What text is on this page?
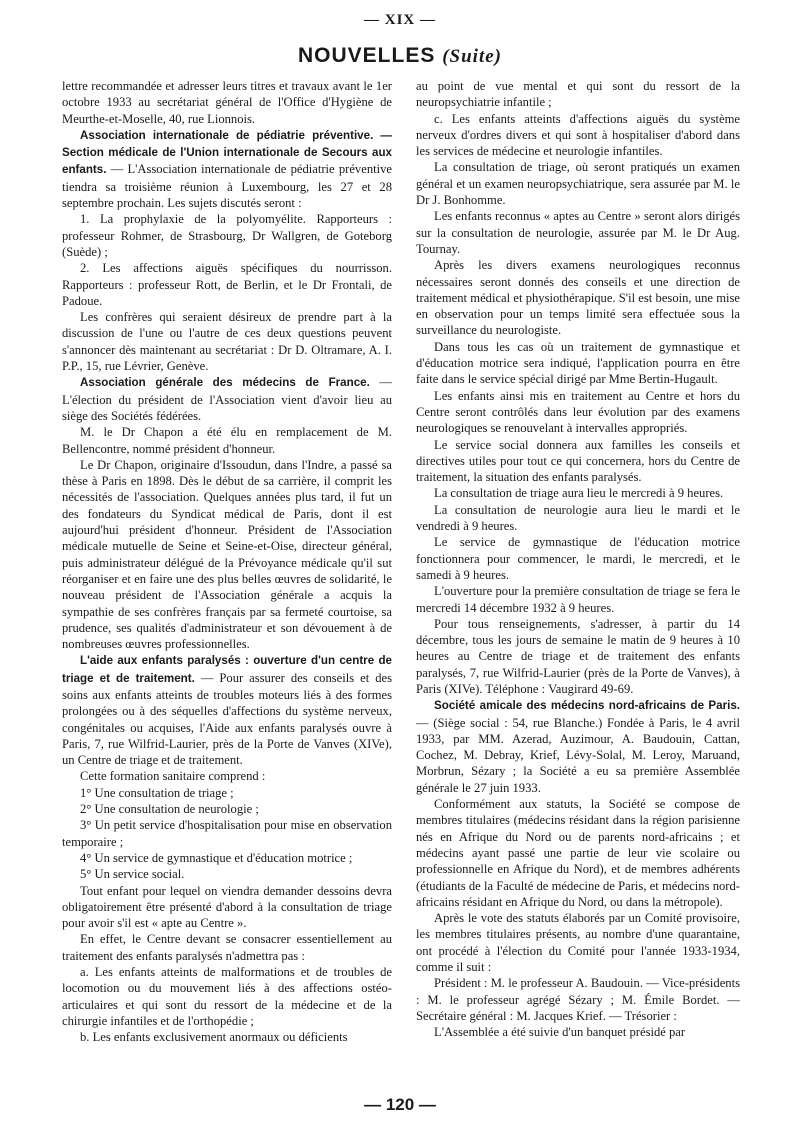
— XIX —
NOUVELLES (Suite)

lettre recommandée et adresser leurs titres et travaux avant le 1er octobre 1933 au secrétariat général de l'Office d'Hygiène de Meurthe-et-Moselle, 40, rue Lionnois.

Association internationale de pédiatrie préventive. — Section médicale de l'Union internationale de Secours aux enfants. — L'Association internationale de pédiatrie préventive tiendra sa troisième réunion à Luxembourg, les 27 et 28 septembre prochain. Les sujets discutés seront :

1. La prophylaxie de la polyomyélite. Rapporteurs : professeur Rohmer, de Strasbourg, Dr Wallgren, de Goteborg (Suède) ;

2. Les affections aiguës spécifiques du nourrisson. Rapporteurs : professeur Rott, de Berlin, et le Dr Frontali, de Padoue.

Les confrères qui seraient désireux de prendre part à la discussion de l'une ou l'autre de ces deux questions peuvent s'annoncer dès maintenant au secrétariat : Dr D. Oltramare, A. I. P.P., 15, rue Lévrier, Genève.

Association générale des médecins de France. — L'élection du président de l'Association vient d'avoir lieu au siège des Sociétés fédérées.

M. le Dr Chapon a été élu en remplacement de M. Bellencontre, nommé président d'honneur.

Le Dr Chapon, originaire d'Issoudun, dans l'Indre, a passé sa thèse à Paris en 1898. Dès le début de sa carrière, il comprit les nécessités de l'association. Quelques années plus tard, il fut un des fondateurs du Syndicat médical de Paris, dont il est aujourd'hui président d'honneur. Président de l'Association médicale mutuelle de Seine et Seine-et-Oise, directeur général, puis administrateur délégué de la Prévoyance médicale qu'il sut réorganiser et en faire une des plus belles œuvres de solidarité, le nouveau président de l'Association générale a acquis la sympathie de ses confrères français par sa fermeté courtoise, sa prudence, ses qualités d'administrateur et son dévouement à de nombreuses œuvres professionnelles.

L'aide aux enfants paralysés : ouverture d'un centre de triage et de traitement. — Pour assurer des conseils et des soins aux enfants atteints de troubles moteurs liés à des formes prolongées ou à des séquelles d'affections du système nerveux, congénitales ou acquises, l'Aide aux enfants paralysés ouvre à Paris, 7, rue Wilfrid-Laurier, près de la Porte de Vanves (XIVe), un Centre de triage et de traitement.

Cette formation sanitaire comprend :

1° Une consultation de triage ;

2° Une consultation de neurologie ;

3° Un petit service d'hospitalisation pour mise en observation temporaire ;

4° Un service de gymnastique et d'éducation motrice ;

5° Un service social.

Tout enfant pour lequel on viendra demander dessoins devra obligatoirement être présenté d'abord à la consultation de triage pour avoir s'il est « apte au Centre ».

En effet, le Centre devant se consacrer essentiellement au traitement des enfants paralysés n'admettra pas :

a. Les enfants atteints de malformations et de troubles de locomotion ou du mouvement liés à des affections ostéo-articulaires et qui sont du ressort de la médecine et de la chirurgie infantiles et de l'orthopédie ;

b. Les enfants exclusivement anormaux ou déficients

au point de vue mental et qui sont du ressort de la neuropsychiatrie infantile ;

c. Les enfants atteints d'affections aiguës du système nerveux d'ordres divers et qui sont à hospitaliser d'abord dans les services de médecine et neurologie infantiles.

La consultation de triage, où seront pratiqués un examen général et un examen neuropsychiatrique, sera assurée par M. le Dr J. Bonhomme.

Les enfants reconnus « aptes au Centre » seront alors dirigés sur la consultation de neurologie, assurée par M. le Dr Aug. Tournay.

Après les divers examens neurologiques reconnus nécessaires seront donnés des conseils et une direction de traitement médical et physiothérapique. S'il est besoin, une mise en observation pour un temps limité sera effectuée sous la surveillance du neurologiste.

Dans tous les cas où un traitement de gymnastique et d'éducation motrice sera indiqué, l'application pourra en être faite dans le service spécial dirigé par Mme Bertin-Hugault.

Les enfants ainsi mis en traitement au Centre et hors du Centre seront contrôlés dans leur évolution par des examens neurologiques se renouvelant à intervalles appropriés.

Le service social donnera aux familles les conseils et directives utiles pour tout ce qui concernera, hors du Centre de traitement, la situation des enfants paralysés.

La consultation de triage aura lieu le mercredi à 9 heures.

La consultation de neurologie aura lieu le mardi et le vendredi à 9 heures.

Le service de gymnastique de l'éducation motrice fonctionnera pour commencer, le mardi, le mercredi, et le samedi à 9 heures.

L'ouverture pour la première consultation de triage se fera le mercredi 14 décembre 1932 à 9 heures.

Pour tous renseignements, s'adresser, à partir du 14 décembre, tous les jours de semaine le matin de 9 heures à 10 heures au Centre de triage et de traitement des enfants paralysés, 7, rue Wilfrid-Laurier (près de la Porte de Vanves), à Paris (XIVe). Téléphone : Vaugirard 49-69.

Société amicale des médecins nord-africains de Paris. — (Siège social : 54, rue Blanche.) Fondée à Paris, le 4 avril 1933, par MM. Azerad, Auzimour, A. Baudouin, Cattan, Cochez, M. Debray, Krief, Lévy-Solal, M. Leroy, Maruand, Morbrun, Sézary ; la Société a eu sa première Assemblée générale le 27 juin 1933.

Conformément aux statuts, la Société se compose de membres titulaires (médecins résidant dans la région parisienne nés en Afrique du Nord ou de parents nord-africains ; et médecins ayant passé une partie de leur vie scolaire ou professionnelle en Afrique du Nord), et de membres adhérents (étudiants de la Faculté de médecine de Paris, et médecins nord-africains résidant en Afrique du Nord, ou dans la métropole).

Après le vote des statuts élaborés par un Comité provisoire, les membres titulaires présents, au nombre d'une quarantaine, ont procédé à l'élection du Comité pour l'année 1933-1934, comme il suit :

Président : M. le professeur A. Baudouin. — Vice-présidents : M. le professeur agrégé Sézary ; M. Émile Bordet. — Secrétaire général : M. Jacques Krief. — Trésorier :

L'Assemblée a été suivie d'un banquet présidé par

— 120 —
